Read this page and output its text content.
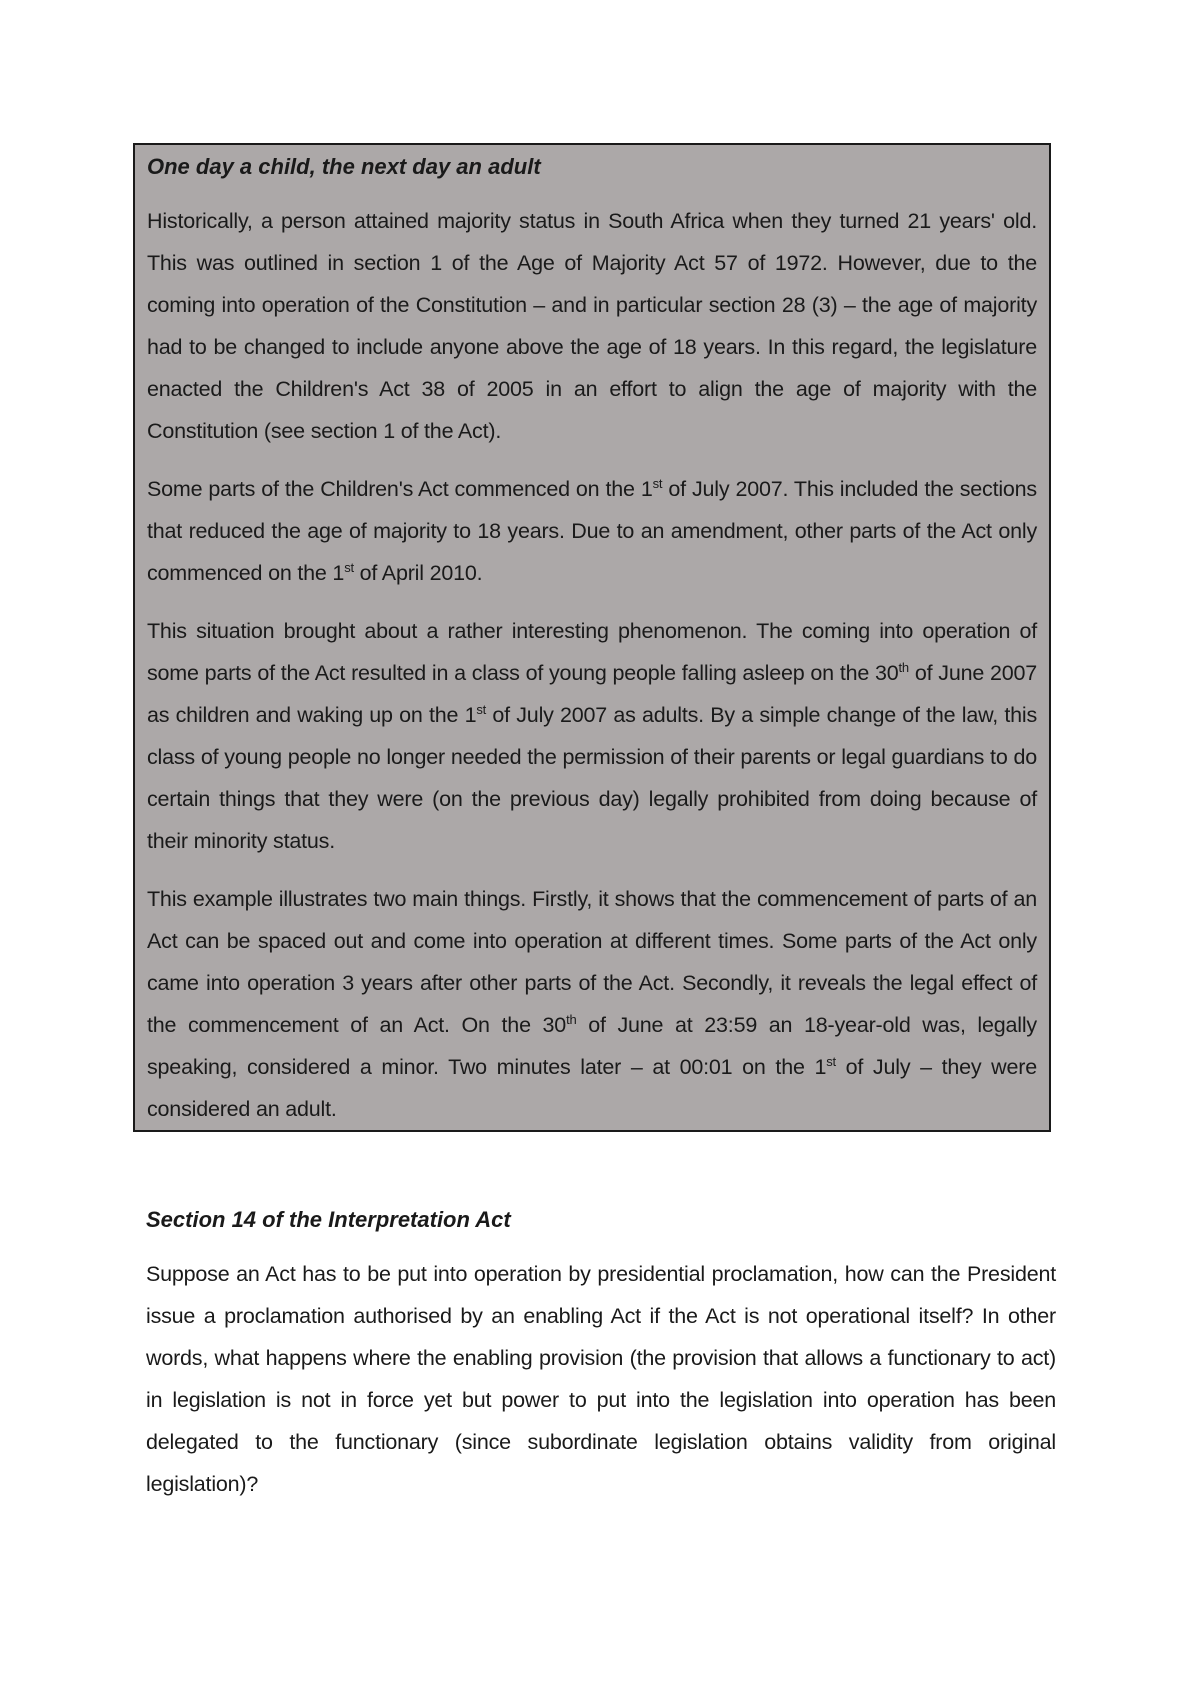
One day a child, the next day an adult

Historically, a person attained majority status in South Africa when they turned 21 years' old. This was outlined in section 1 of the Age of Majority Act 57 of 1972. However, due to the coming into operation of the Constitution – and in particular section 28 (3) – the age of majority had to be changed to include anyone above the age of 18 years. In this regard, the legislature enacted the Children's Act 38 of 2005 in an effort to align the age of majority with the Constitution (see section 1 of the Act).

Some parts of the Children's Act commenced on the 1st of July 2007. This included the sections that reduced the age of majority to 18 years. Due to an amendment, other parts of the Act only commenced on the 1st of April 2010.

This situation brought about a rather interesting phenomenon. The coming into operation of some parts of the Act resulted in a class of young people falling asleep on the 30th of June 2007 as children and waking up on the 1st of July 2007 as adults. By a simple change of the law, this class of young people no longer needed the permission of their parents or legal guardians to do certain things that they were (on the previous day) legally prohibited from doing because of their minority status.

This example illustrates two main things. Firstly, it shows that the commencement of parts of an Act can be spaced out and come into operation at different times. Some parts of the Act only came into operation 3 years after other parts of the Act. Secondly, it reveals the legal effect of the commencement of an Act. On the 30th of June at 23:59 an 18-year-old was, legally speaking, considered a minor. Two minutes later – at 00:01 on the 1st of July – they were considered an adult.

Section 14 of the Interpretation Act

Suppose an Act has to be put into operation by presidential proclamation, how can the President issue a proclamation authorised by an enabling Act if the Act is not operational itself? In other words, what happens where the enabling provision (the provision that allows a functionary to act) in legislation is not in force yet but power to put into the legislation into operation has been delegated to the functionary (since subordinate legislation obtains validity from original legislation)?
